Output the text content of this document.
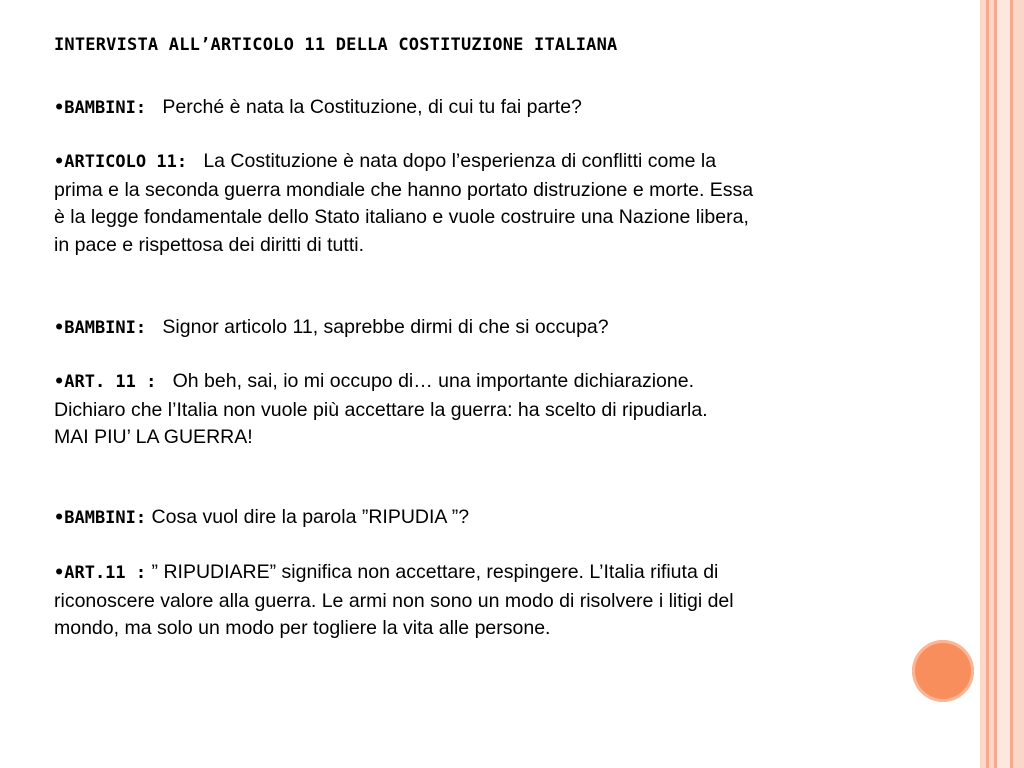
INTERVISTA ALL’ARTICOLO 11 DELLA COSTITUZIONE ITALIANA
•BAMBINI: Perché è nata la Costituzione, di cui tu fai parte?
•ARTICOLO 11: La Costituzione è nata dopo l’esperienza di conflitti come la
prima e la seconda guerra mondiale che hanno portato distruzione e morte. Essa
è la legge fondamentale dello Stato italiano e vuole costruire una Nazione libera,
in pace e rispettosa dei diritti di tutti.
•BAMBINI: Signor articolo 11, saprebbe dirmi di che si occupa?
•ART. 11 : Oh beh, sai, io mi occupo di… una importante dichiarazione.
Dichiaro che l’Italia non vuole più accettare la guerra: ha scelto di ripudiarla.
MAI PIU’ LA GUERRA!
•BAMBINI: Cosa vuol dire la parola ”RIPUDIA ”?
•ART.11 : ” RIPUDIARE” significa non accettare, respingere. L’Italia rifiuta di
riconoscere valore alla guerra. Le armi non sono un modo di risolvere i litigi del
mondo, ma solo un modo per togliere la vita alle persone.
